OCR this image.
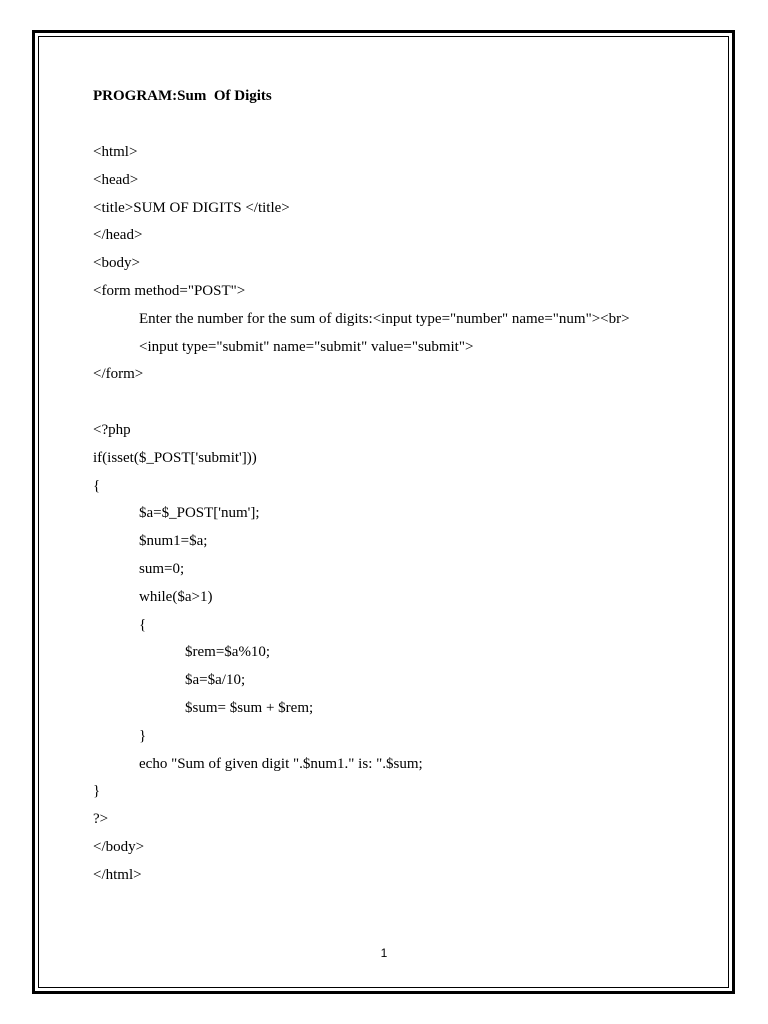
PROGRAM:Sum  Of Digits
<html>
<head>
<title>SUM OF DIGITS </title>
</head>
<body>
<form method="POST">
Enter the number for the sum of digits:<input type="number" name="num"><br>
<input type="submit" name="submit" value="submit">
</form>
<?php
if(isset($_POST['submit']))
{
$a=$_POST['num'];
$num1=$a;
sum=0;
while($a>1)
{
$rem=$a%10;
$a=$a/10;
$sum= $sum + $rem;
}
echo "Sum of given digit ".$num1." is: ".$sum;
}
?>
</body>
</html>
1
